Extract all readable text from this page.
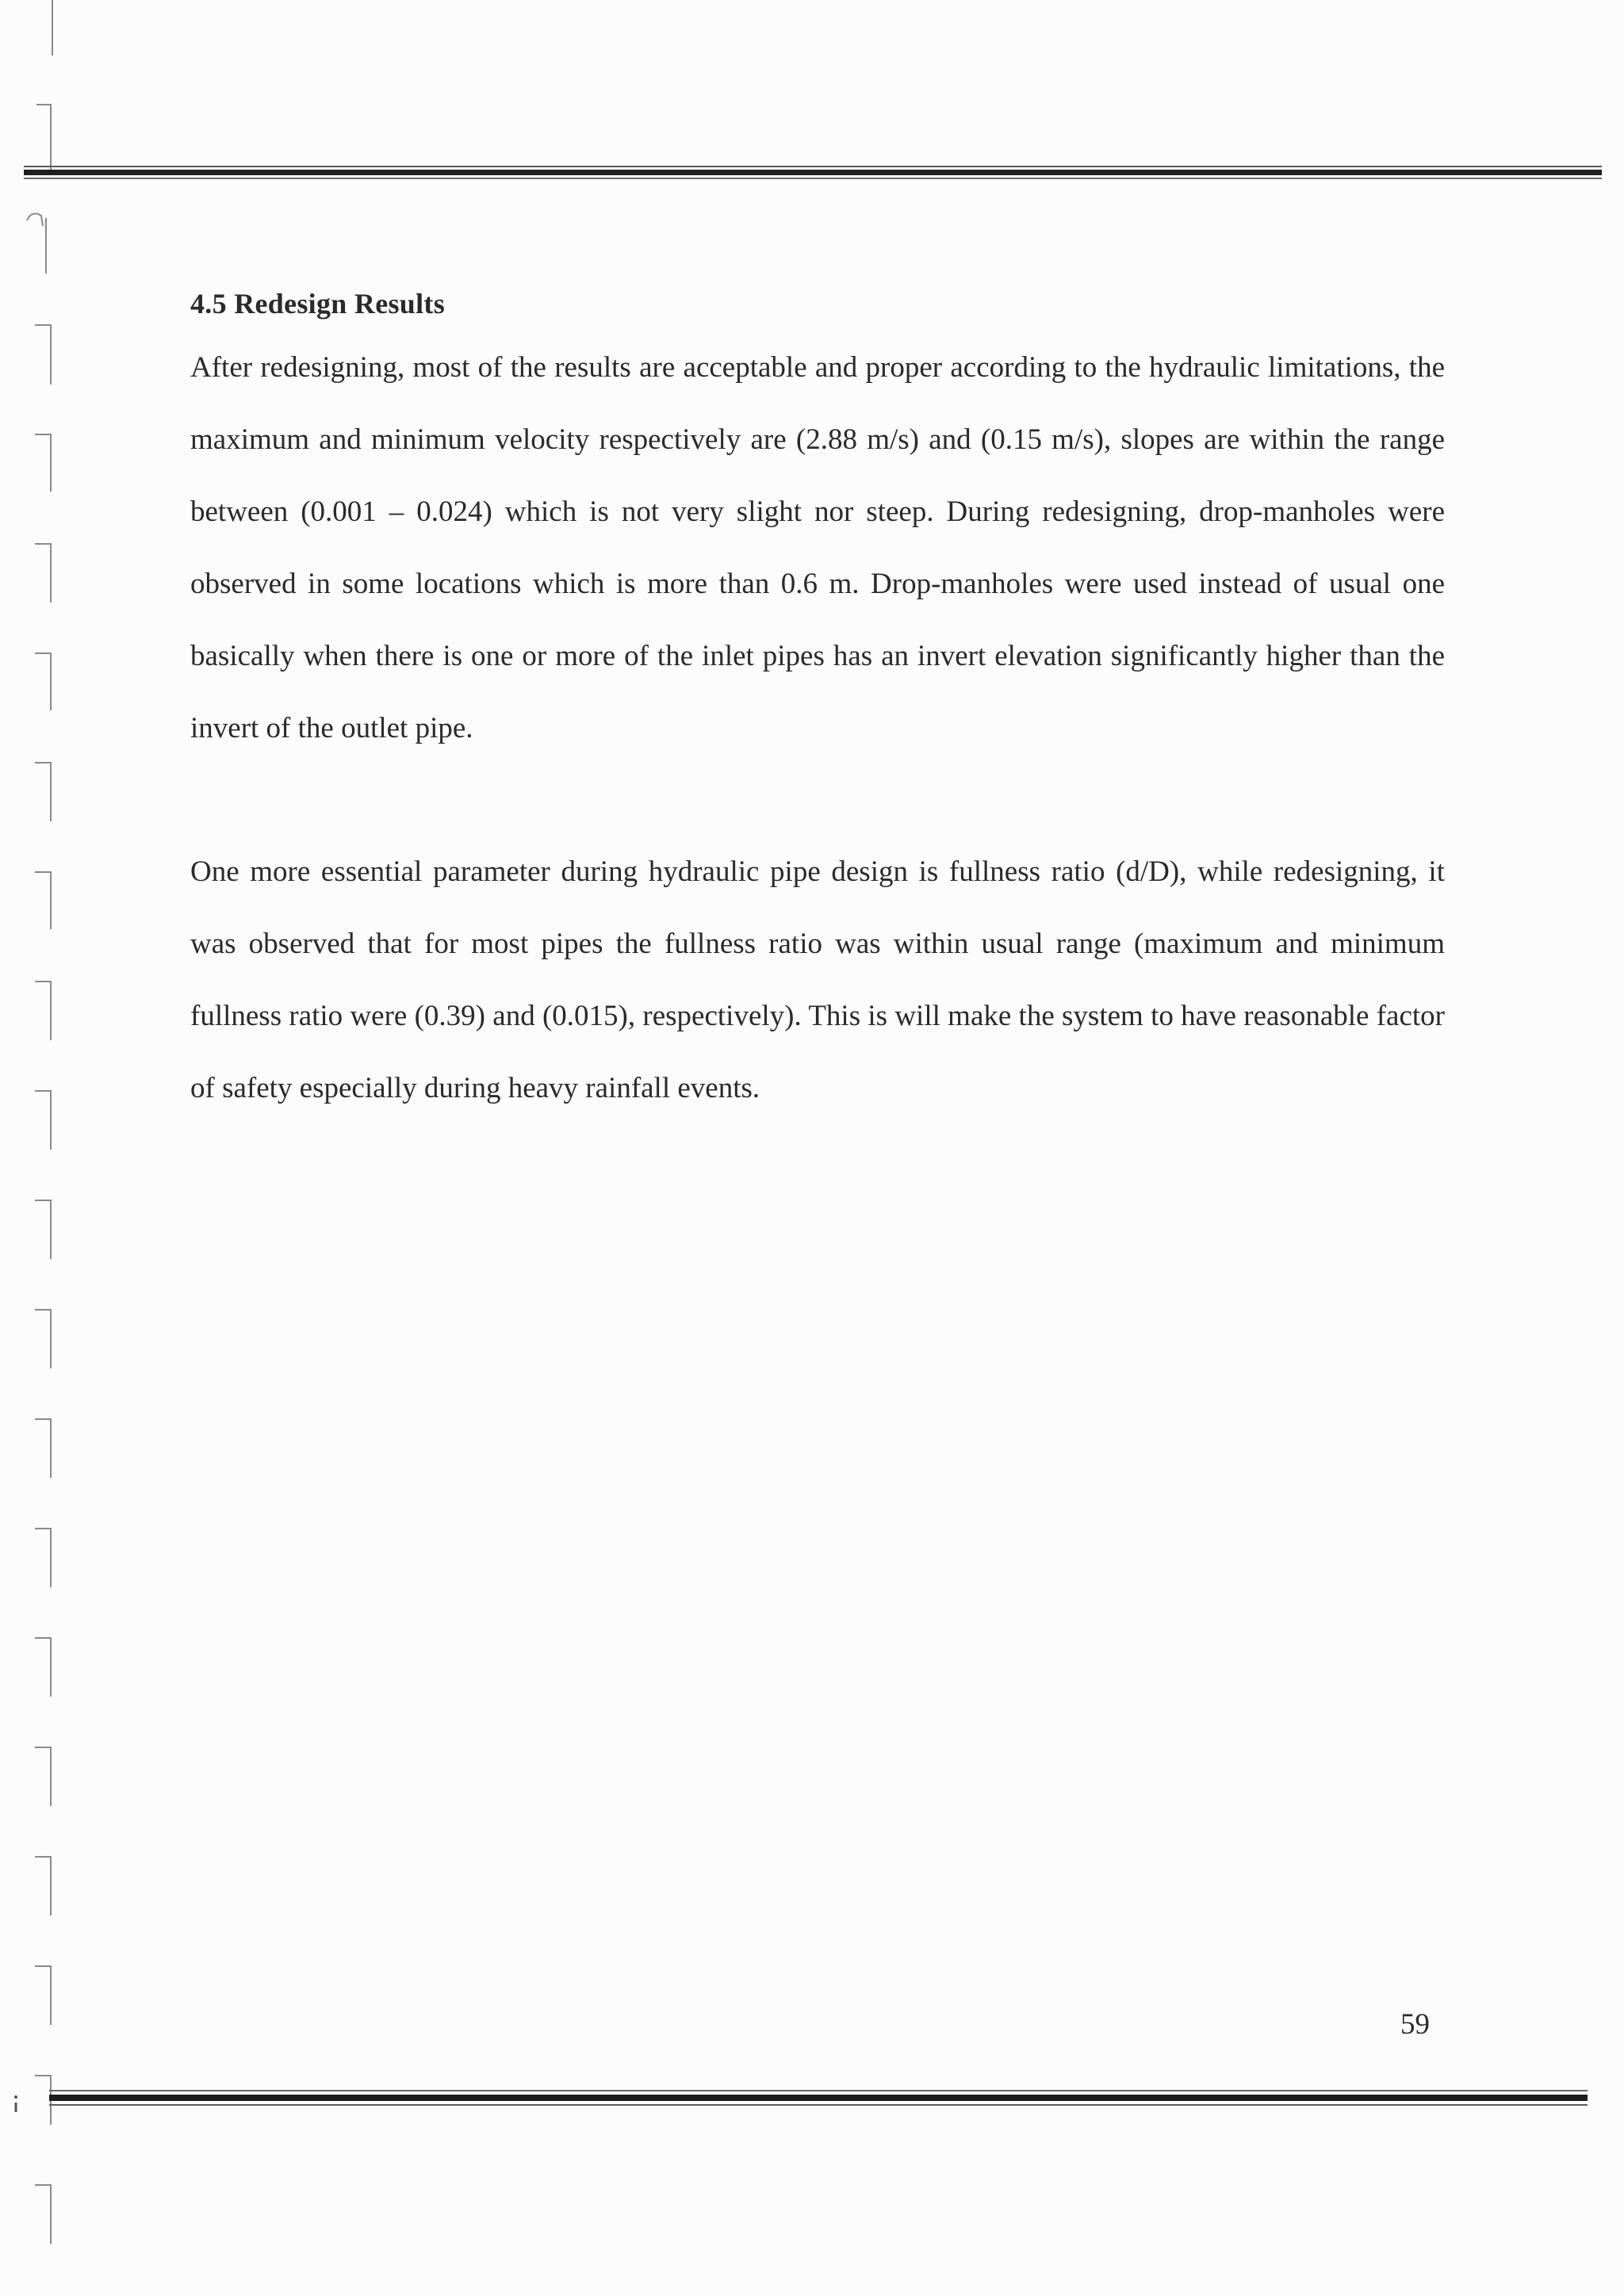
4.5 Redesign Results

After redesigning, most of the results are acceptable and proper according to the hydraulic limitations, the maximum and minimum velocity respectively are (2.88 m/s) and (0.15 m/s), slopes are within the range between (0.001 – 0.024) which is not very slight nor steep. During redesigning, drop-manholes were observed in some locations which is more than 0.6 m. Drop-manholes were used instead of usual one basically when there is one or more of the inlet pipes has an invert elevation significantly higher than the invert of the outlet pipe.

One more essential parameter during hydraulic pipe design is fullness ratio (d/D), while redesigning, it was observed that for most pipes the fullness ratio was within usual range (maximum and minimum fullness ratio were (0.39) and (0.015), respectively). This is will make the system to have reasonable factor of safety especially during heavy rainfall events.

59
